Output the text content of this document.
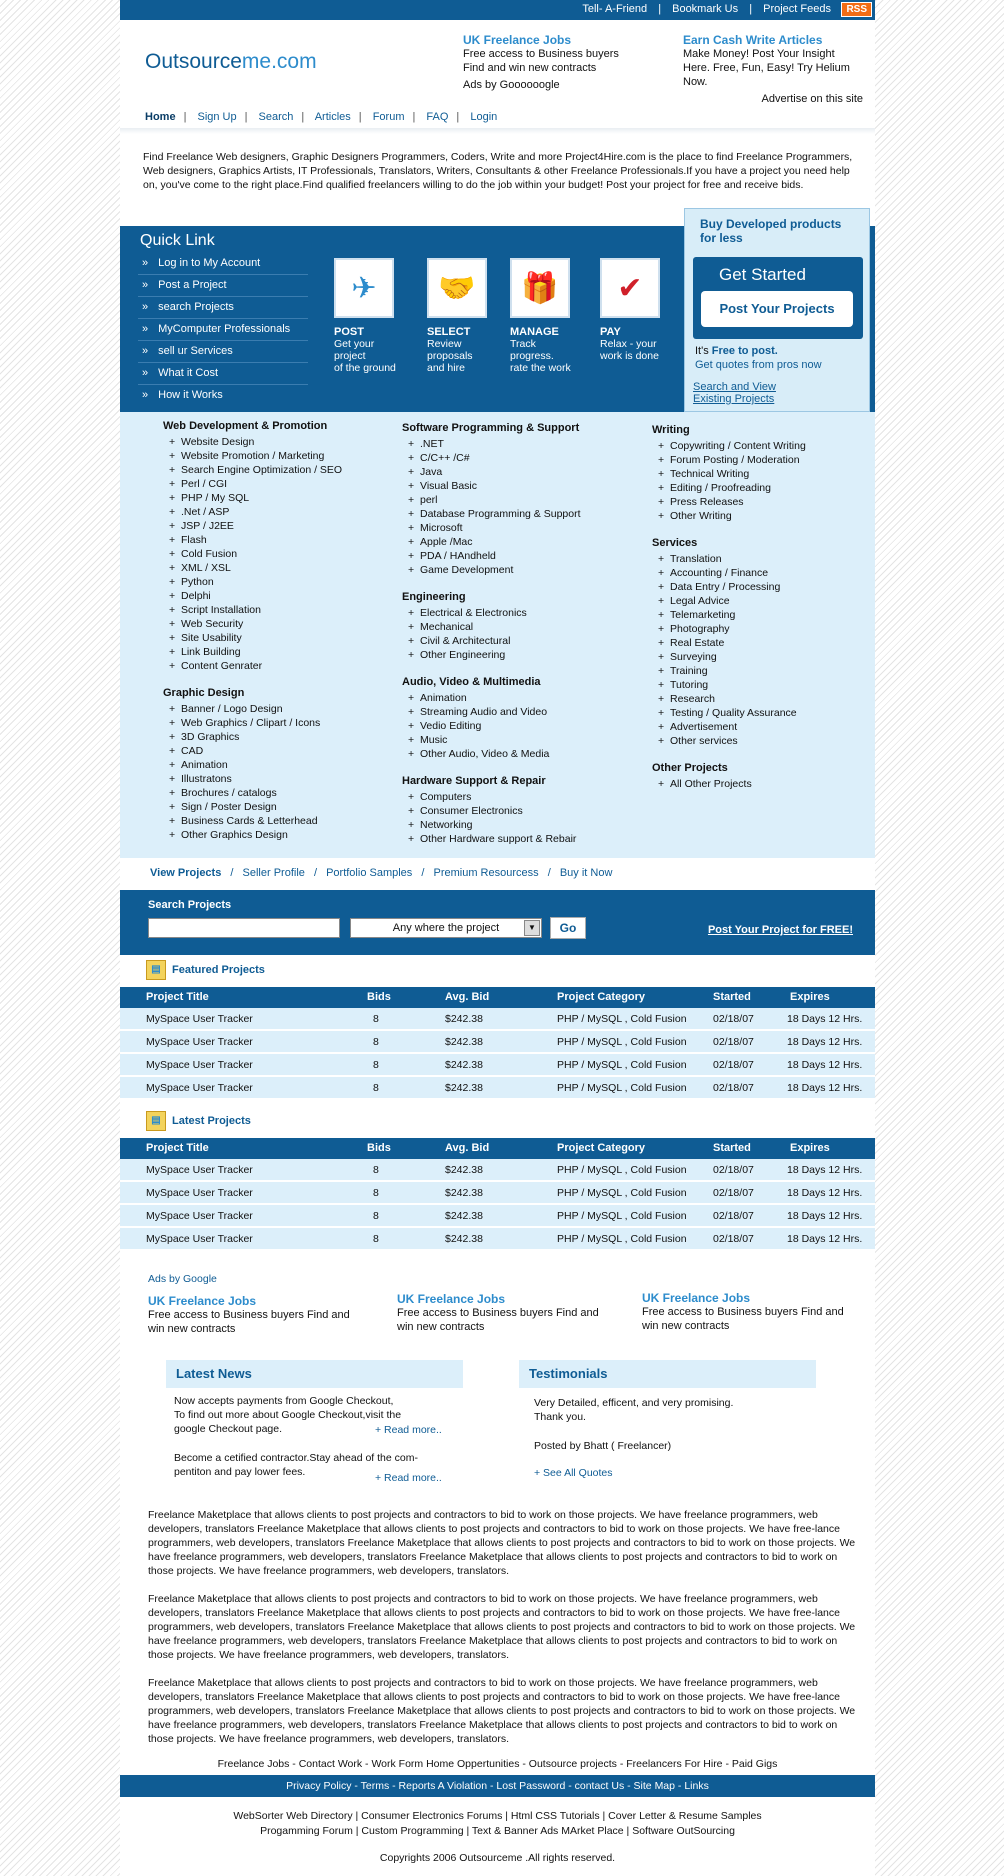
Tell- A-Friend | Bookmark Us | Project Feeds	RSS
Outsourceme.com
UK Freelance Jobs
Free access to Business buyers Find and win new contracts
Ads by Goooooogle
Earn Cash Write Articles
Make Money! Post Your Insight Here. Free, Fun, Easy! Try Helium Now.
Advertise on this site
Home | Sign Up | Search | Articles | Forum | FAQ | Login
Find Freelance Web designers, Graphic Designers Programmers, Coders, Write and more Project4Hire.com is the place to find Freelance Programmers, Web designers, Graphics Artists, IT Professionals, Translators, Writers, Consultants & other Freelance Professionals.If you have a project you need help on, you've come to the right place.Find qualified freelancers willing to do the job within your budget! Post your project for free and receive bids.
Quick Link
» Log in to My Account
» Post a Project
» search Projects
» MyComputer Professionals
» sell ur Services
» What it Cost
» How it Works
✈
POST
Get your
project
of the ground
🤝
SELECT
Review
proposals
and hire
🎁
MANAGE
Track
progress.
rate the work
✔
PAY
Relax - your
work is done
Buy Developed products for less
Get Started
Post Your Projects
It's Free to post.
Get quotes from pros now
Search and View Existing Projects
View Projects / Seller Profile / Portfolio Samples / Premium Resourcess / Buy it Now
Search Projects
Any where the project	▼	Go	Post Your Project for FREE!
▤ Featured Projects
Project Title	Bids	Avg. Bid	Project Category	Started	Expires
MySpace User Tracker	8	$242.38	PHP / MySQL , Cold Fusion	02/18/07	18 Days 12 Hrs.
MySpace User Tracker	8	$242.38	PHP / MySQL , Cold Fusion	02/18/07	18 Days 12 Hrs.
MySpace User Tracker	8	$242.38	PHP / MySQL , Cold Fusion	02/18/07	18 Days 12 Hrs.
MySpace User Tracker	8	$242.38	PHP / MySQL , Cold Fusion	02/18/07	18 Days 12 Hrs.
▤ Latest Projects
Project Title	Bids	Avg. Bid	Project Category	Started	Expires
MySpace User Tracker	8	$242.38	PHP / MySQL , Cold Fusion	02/18/07	18 Days 12 Hrs.
MySpace User Tracker	8	$242.38	PHP / MySQL , Cold Fusion	02/18/07	18 Days 12 Hrs.
MySpace User Tracker	8	$242.38	PHP / MySQL , Cold Fusion	02/18/07	18 Days 12 Hrs.
MySpace User Tracker	8	$242.38	PHP / MySQL , Cold Fusion	02/18/07	18 Days 12 Hrs.
Ads by Google
UK Freelance Jobs
Free access to Business buyers Find and win new contracts
UK Freelance Jobs
Free access to Business buyers Find and win new contracts
UK Freelance Jobs
Free access to Business buyers Find and win new contracts
Latest News
Now accepts payments from Google Checkout,
To find out more about Google Checkout,visit the
google Checkout page.	+ Read more..
Become a cetified contractor.Stay ahead of the com-
pentiton and pay lower fees.	+ Read more..
Testimonials
Very Detailed, efficent, and very promising.
Thank you.
Posted by Bhatt ( Freelancer)
+ See All Quotes
Freelance Maketplace that allows clients to post projects and contractors to bid to work on those projects. We have freelance programmers, web developers, translators Freelance Maketplace that allows clients to post projects and contractors to bid to work on those projects. We have free-lance programmers, web developers, translators Freelance Maketplace that allows clients to post projects and contractors to bid to work on those projects. We have freelance programmers, web developers, translators Freelance Maketplace that allows clients to post projects and contractors to bid to work on those projects. We have freelance programmers, web developers, translators.
Freelance Maketplace that allows clients to post projects and contractors to bid to work on those projects. We have freelance programmers, web developers, translators Freelance Maketplace that allows clients to post projects and contractors to bid to work on those projects. We have free-lance programmers, web developers, translators Freelance Maketplace that allows clients to post projects and contractors to bid to work on those projects. We have freelance programmers, web developers, translators Freelance Maketplace that allows clients to post projects and contractors to bid to work on those projects. We have freelance programmers, web developers, translators.
Freelance Maketplace that allows clients to post projects and contractors to bid to work on those projects. We have freelance programmers, web developers, translators Freelance Maketplace that allows clients to post projects and contractors to bid to work on those projects. We have free-lance programmers, web developers, translators Freelance Maketplace that allows clients to post projects and contractors to bid to work on those projects. We have freelance programmers, web developers, translators Freelance Maketplace that allows clients to post projects and contractors to bid to work on those projects. We have freelance programmers, web developers, translators.
Freelance Jobs - Contact Work - Work Form Home Oppertunities - Outsource projects - Freelancers For Hire - Paid Gigs
Privacy Policy - Terms - Reports A Violation - Lost Password - contact Us - Site Map - Links
WebSorter Web Directory | Consumer Electronics Forums | Html CSS Tutorials | Cover Letter & Resume Samples
Progamming Forum | Custom Programming | Text & Banner Ads MArket Place | Software OutSourcing
Copyrights 2006 Outsourceme .All rights reserved.
Web Development & Promotion
+ Website Design
+ Website Promotion / Marketing
+ Search Engine Optimization / SEO
+ Perl / CGI
+ PHP / My SQL
+ .Net / ASP
+ JSP / J2EE
+ Flash
+ Cold Fusion
+ XML / XSL
+ Python
+ Delphi
+ Script Installation
+ Web Security
+ Site Usability
+ Link Building
+ Content Genrater
Graphic Design
+ Banner / Logo Design
+ Web Graphics / Clipart / Icons
+ 3D Graphics
+ CAD
+ Animation
+ Illustratons
+ Brochures / catalogs
+ Sign / Poster Design
+ Business Cards & Letterhead
+ Other Graphics Design
Software Programming & Support
+ .NET
+ C/C++ /C#
+ Java
+ Visual Basic
+ perl
+ Database Programming & Support
+ Microsoft
+ Apple /Mac
+ PDA / HAndheld
+ Game Development
Engineering
+ Electrical & Electronics
+ Mechanical
+ Civil & Architectural
+ Other Engineering
Audio, Video & Multimedia
+ Animation
+ Streaming Audio and Video
+ Vedio Editing
+ Music
+ Other Audio, Video & Media
Hardware Support & Repair
+ Computers
+ Consumer Electronics
+ Networking
+ Other Hardware support & Rebair
Writing
+ Copywriting / Content Writing
+ Forum Posting / Moderation
+ Technical Writing
+ Editing / Proofreading
+ Press Releases
+ Other Writing
Services
+ Translation
+ Accounting / Finance
+ Data Entry / Processing
+ Legal Advice
+ Telemarketing
+ Photography
+ Real Estate
+ Surveying
+ Training
+ Tutoring
+ Research
+ Testing / Quality Assurance
+ Advertisement
+ Other services
Other Projects
+ All Other Projects
